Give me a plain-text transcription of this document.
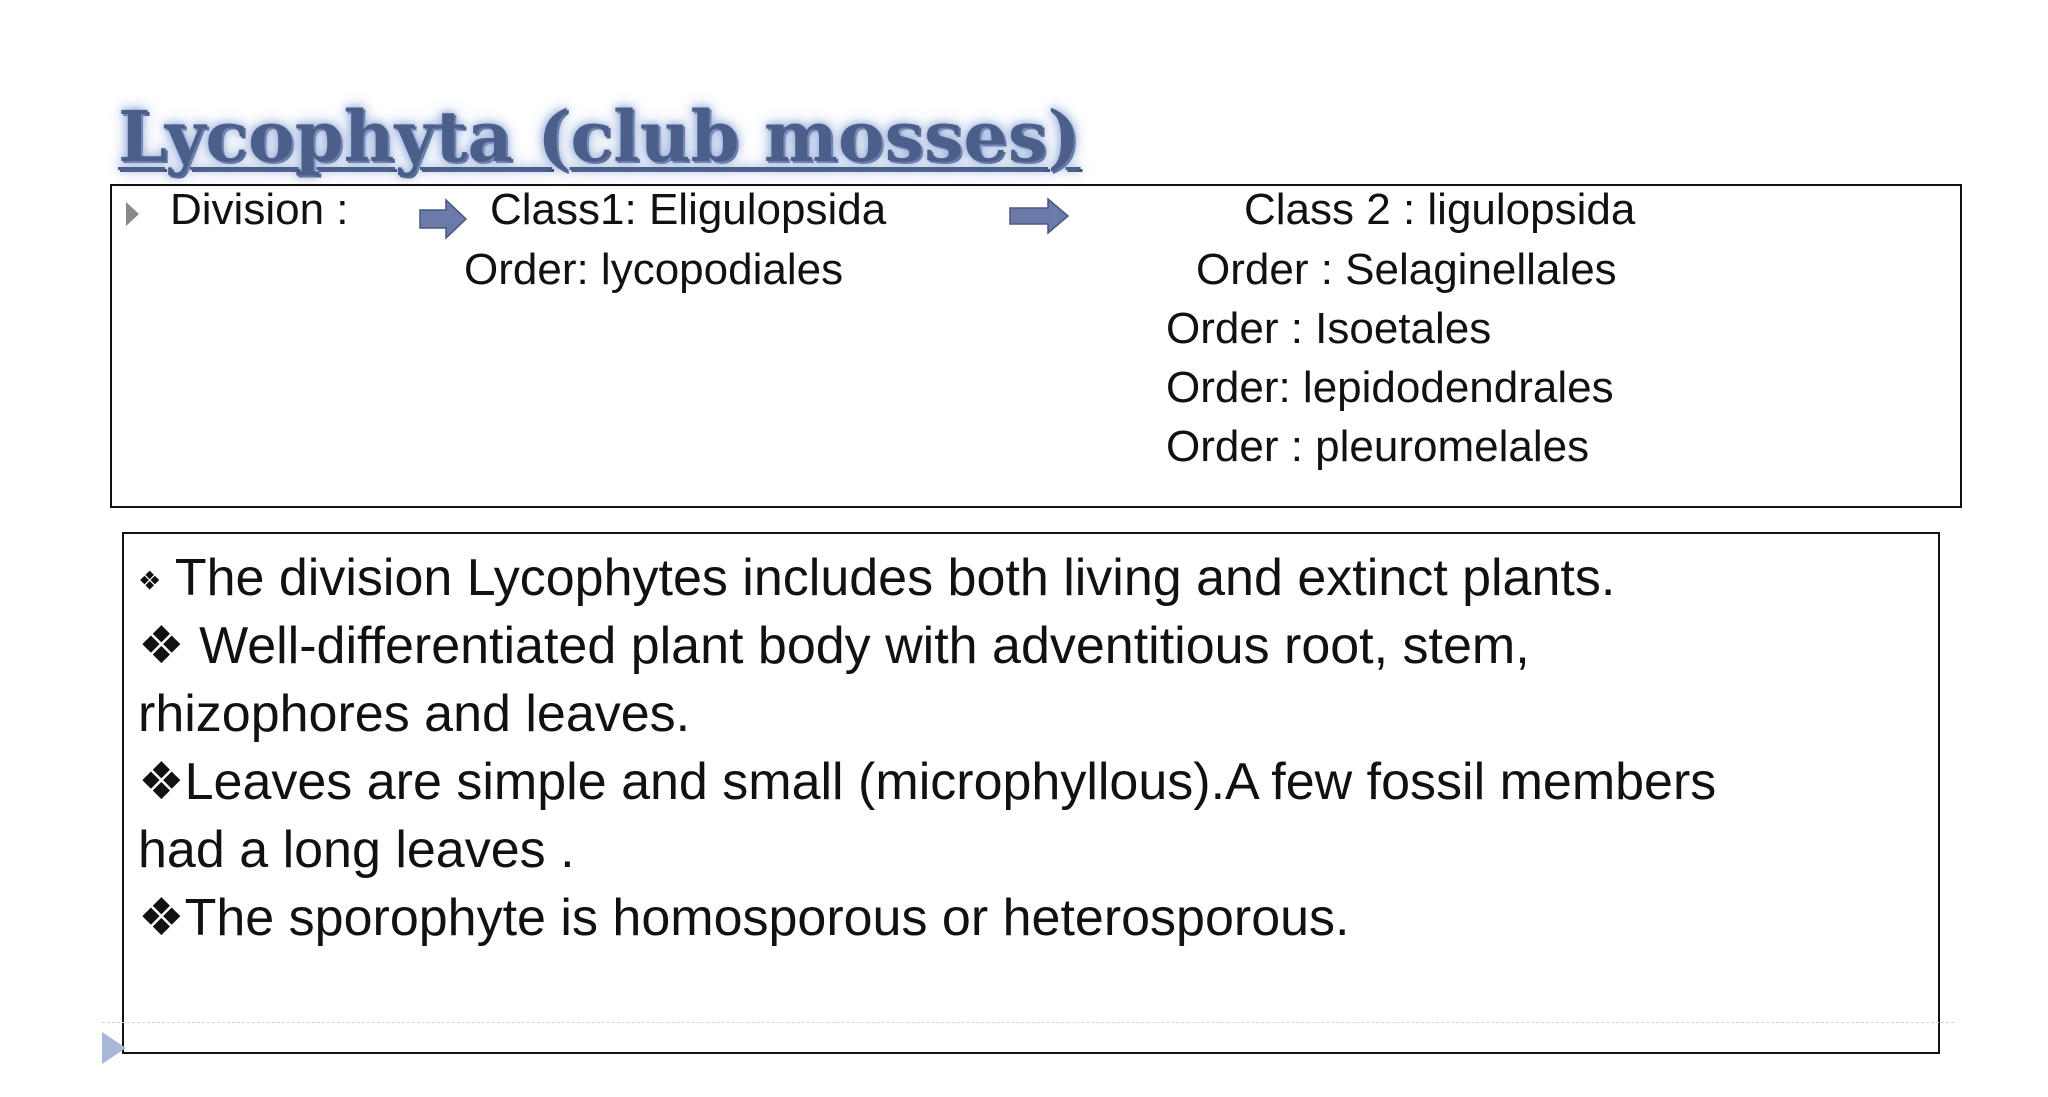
Lycophyta (club mosses)
Division :	Class1: Eligulopsida
Order: lycopodiales
Class 2 : ligulopsida
Order : Selaginellales
Order : Isoetales
Order: lepidodendrales
Order : pleuromelales
❖ The division Lycophytes includes both living and extinct plants.
❖ Well-differentiated plant body with adventitious root, stem,
rhizophores and leaves.
❖Leaves are simple and small (microphyllous).A few fossil members
had a long leaves .
❖The sporophyte is homosporous or heterosporous.
